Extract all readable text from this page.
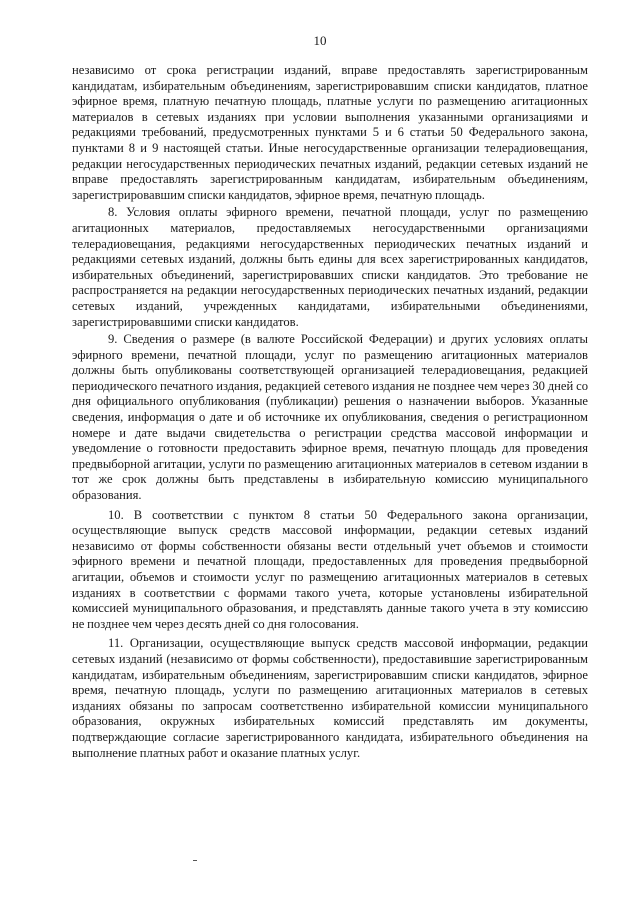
10

независимо от срока регистрации изданий, вправе предоставлять зарегистрированным кандидатам, избирательным объединениям, зарегистрировавшим списки кандидатов, платное эфирное время, платную печатную площадь, платные услуги по размещению агитационных материалов в сетевых изданиях при условии выполнения указанными организациями и редакциями требований, предусмотренных пунктами 5 и 6 статьи 50 Федерального закона, пунктами 8 и 9 настоящей статьи. Иные негосударственные организации телерадиовещания, редакции негосударственных периодических печатных изданий, редакции сетевых изданий не вправе предоставлять зарегистрированным кандидатам, избирательным объединениям, зарегистрировавшим списки кандидатов, эфирное время, печатную площадь.

8. Условия оплаты эфирного времени, печатной площади, услуг по размещению агитационных материалов, предоставляемых негосударственными организациями телерадиовещания, редакциями негосударственных периодических печатных изданий и редакциями сетевых изданий, должны быть едины для всех зарегистрированных кандидатов, избирательных объединений, зарегистрировавших списки кандидатов. Это требование не распространяется на редакции негосударственных периодических печатных изданий, редакции сетевых изданий, учрежденных кандидатами, избирательными объединениями, зарегистрировавшими списки кандидатов.

9. Сведения о размере (в валюте Российской Федерации) и других условиях оплаты эфирного времени, печатной площади, услуг по размещению агитационных материалов должны быть опубликованы соответствующей организацией телерадиовещания, редакцией периодического печатного издания, редакцией сетевого издания не позднее чем через 30 дней со дня официального опубликования (публикации) решения о назначении выборов. Указанные сведения, информация о дате и об источнике их опубликования, сведения о регистрационном номере и дате выдачи свидетельства о регистрации средства массовой информации и уведомление о готовности предоставить эфирное время, печатную площадь для проведения предвыборной агитации, услуги по размещению агитационных материалов в сетевом издании в тот же срок должны быть представлены в избирательную комиссию муниципального образования.

10. В соответствии с пунктом 8 статьи 50 Федерального закона организации, осуществляющие выпуск средств массовой информации, редакции сетевых изданий независимо от формы собственности обязаны вести отдельный учет объемов и стоимости эфирного времени и печатной площади, предоставленных для проведения предвыборной агитации, объемов и стоимости услуг по размещению агитационных материалов в сетевых изданиях в соответствии с формами такого учета, которые установлены избирательной комиссией муниципального образования, и представлять данные такого учета в эту комиссию не позднее чем через десять дней со дня голосования.

11. Организации, осуществляющие выпуск средств массовой информации, редакции сетевых изданий (независимо от формы собственности), предоставившие зарегистрированным кандидатам, избирательным объединениям, зарегистрировавшим списки кандидатов, эфирное время, печатную площадь, услуги по размещению агитационных материалов в сетевых изданиях обязаны по запросам соответственно избирательной комиссии муниципального образования, окружных избирательных комиссий представлять им документы, подтверждающие согласие зарегистрированного кандидата, избирательного объединения на выполнение платных работ и оказание платных услуг.
